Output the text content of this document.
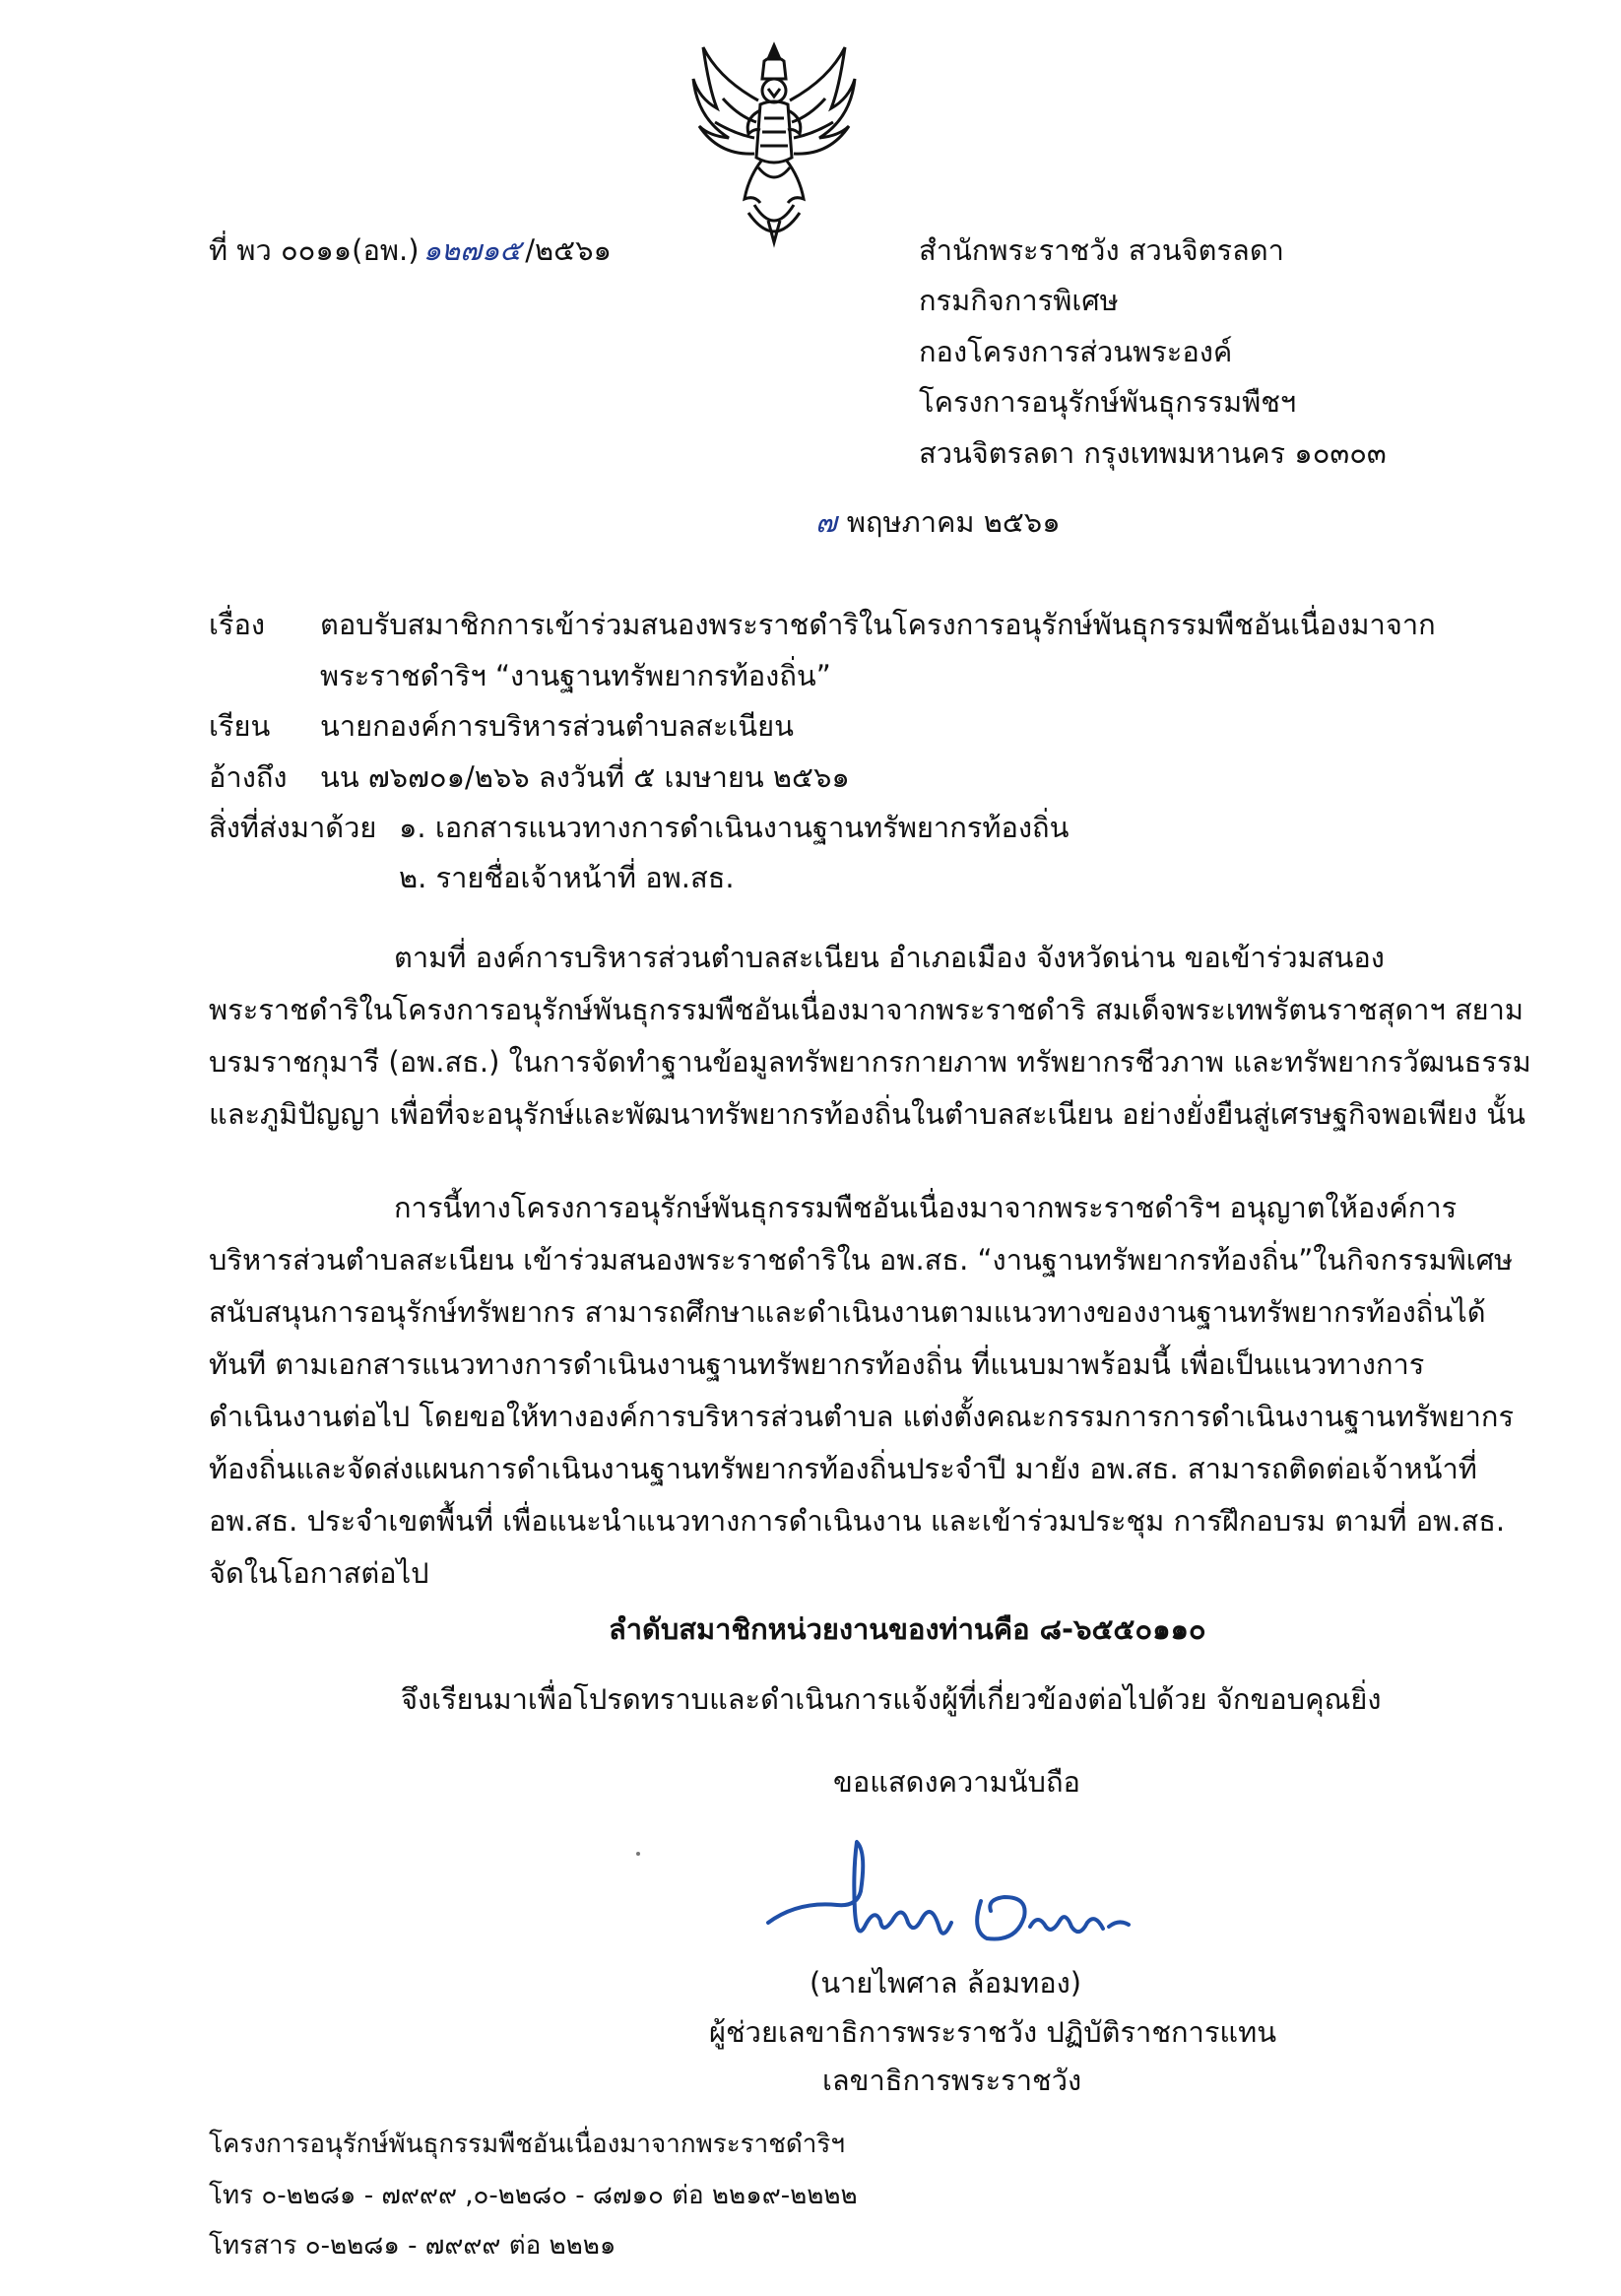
ที่ พว ๐๐๑๑(อพ.) ๑๒๗๑๕ /๒๕๖๑	สำนักพระราชวัง สวนจิตรลดา
กรมกิจการพิเศษ
กองโครงการส่วนพระองค์
โครงการอนุรักษ์พันธุกรรมพืชฯ
สวนจิตรลดา กรุงเทพมหานคร ๑๐๓๐๓
๗ พฤษภาคม ๒๕๖๑
เรื่อง ตอบรับสมาชิกการเข้าร่วมสนองพระราชดำริในโครงการอนุรักษ์พันธุกรรมพืชอันเนื่องมาจาก
พระราชดำริฯ “งานฐานทรัพยากรท้องถิ่น”
เรียน นายกองค์การบริหารส่วนตำบลสะเนียน
อ้างถึง นน ๗๖๗๐๑/๒๖๖ ลงวันที่ ๕ เมษายน ๒๕๖๑
สิ่งที่ส่งมาด้วย ๑. เอกสารแนวทางการดำเนินงานฐานทรัพยากรท้องถิ่น
๒. รายชื่อเจ้าหน้าที่ อพ.สธ.
ตามที่ องค์การบริหารส่วนตำบลสะเนียน อำเภอเมือง จังหวัดน่าน ขอเข้าร่วมสนอง
พระราชดำริในโครงการอนุรักษ์พันธุกรรมพืชอันเนื่องมาจากพระราชดำริ สมเด็จพระเทพรัตนราชสุดาฯ สยาม
บรมราชกุมารี (อพ.สธ.) ในการจัดทำฐานข้อมูลทรัพยากรกายภาพ ทรัพยากรชีวภาพ และทรัพยากรวัฒนธรรม
และภูมิปัญญา เพื่อที่จะอนุรักษ์และพัฒนาทรัพยากรท้องถิ่นในตำบลสะเนียน อย่างยั่งยืนสู่เศรษฐกิจพอเพียง นั้น
การนี้ทางโครงการอนุรักษ์พันธุกรรมพืชอันเนื่องมาจากพระราชดำริฯ อนุญาตให้องค์การ
บริหารส่วนตำบลสะเนียน เข้าร่วมสนองพระราชดำริใน อพ.สธ. “งานฐานทรัพยากรท้องถิ่น”ในกิจกรรมพิเศษ
สนับสนุนการอนุรักษ์ทรัพยากร สามารถศึกษาและดำเนินงานตามแนวทางของงานฐานทรัพยากรท้องถิ่นได้
ทันที ตามเอกสารแนวทางการดำเนินงานฐานทรัพยากรท้องถิ่น ที่แนบมาพร้อมนี้ เพื่อเป็นแนวทางการ
ดำเนินงานต่อไป โดยขอให้ทางองค์การบริหารส่วนตำบล แต่งตั้งคณะกรรมการการดำเนินงานฐานทรัพยากร
ท้องถิ่นและจัดส่งแผนการดำเนินงานฐานทรัพยากรท้องถิ่นประจำปี มายัง อพ.สธ. สามารถติดต่อเจ้าหน้าที่
อพ.สธ. ประจำเขตพื้นที่ เพื่อแนะนำแนวทางการดำเนินงาน และเข้าร่วมประชุม การฝึกอบรม ตามที่ อพ.สธ.
จัดในโอกาสต่อไป
ลำดับสมาชิกหน่วยงานของท่านคือ ๘-๖๕๕๐๑๑๐
จึงเรียนมาเพื่อโปรดทราบและดำเนินการแจ้งผู้ที่เกี่ยวข้องต่อไปด้วย จักขอบคุณยิ่ง
ขอแสดงความนับถือ
(นายไพศาล ล้อมทอง)
ผู้ช่วยเลขาธิการพระราชวัง ปฏิบัติราชการแทน
เลขาธิการพระราชวัง
โครงการอนุรักษ์พันธุกรรมพืชอันเนื่องมาจากพระราชดำริฯ
โทร ๐-๒๒๘๑ - ๗๙๙๙ ,๐-๒๒๘๐ - ๘๗๑๐ ต่อ ๒๒๑๙-๒๒๒๒
โทรสาร ๐-๒๒๘๑ - ๗๙๙๙ ต่อ ๒๒๒๑
